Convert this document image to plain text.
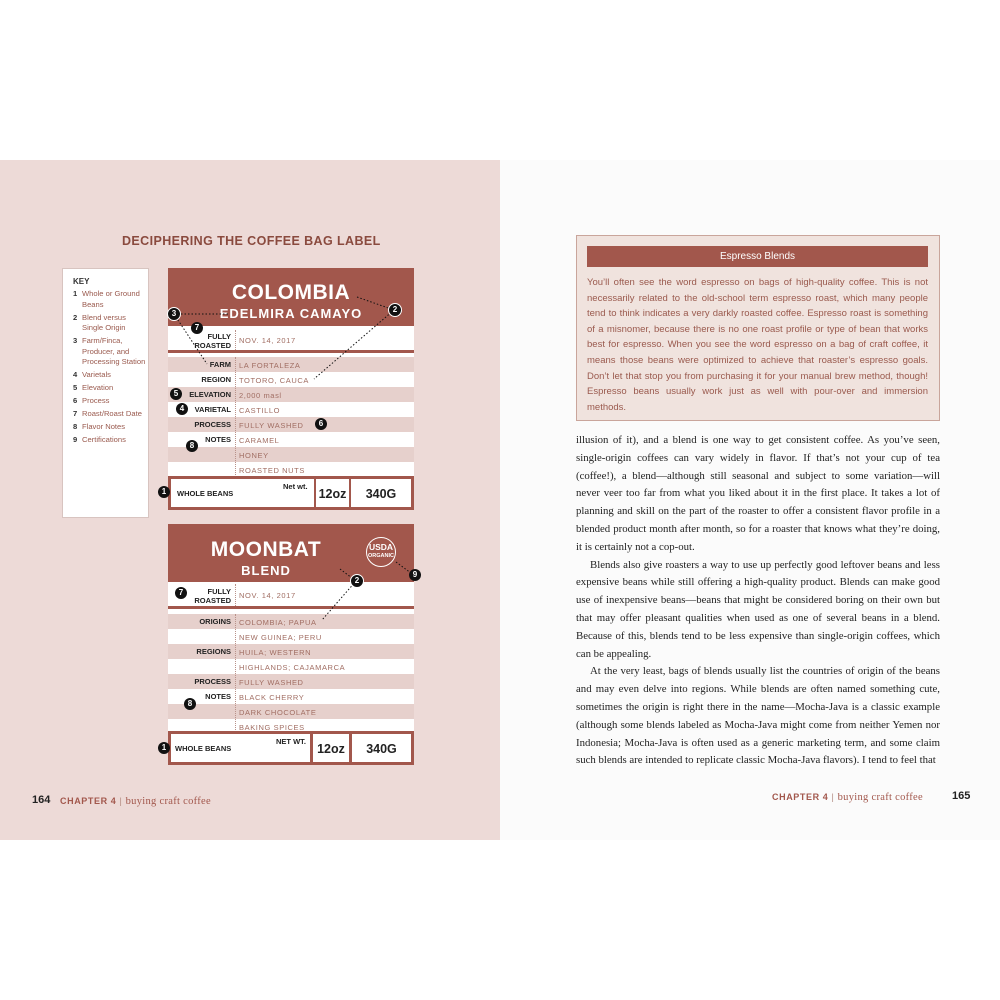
DECIPHERING THE COFFEE BAG LABEL
KEY
1 Whole or Ground Beans
2 Blend versus Single Origin
3 Farm/Finca, Producer, and Processing Station
4 Varietals
5 Elevation
6 Process
7 Roast/Roast Date
8 Flavor Notes
9 Certifications
COLOMBIA
EDELMIRA CAMAYO
FULLY
ROASTED
NOV. 14, 2017
FARM LA FORTALEZA
REGION TOTORO, CAUCA
ELEVATION 2,000 masl
VARIETAL CASTILLO
PROCESS FULLY WASHED
NOTES CARAMEL
HONEY
ROASTED NUTS
WHOLE BEANS
Net wt.
12oz	340G
MOONBAT
BLEND
FULLY
ROASTED
NOV. 14, 2017
ORIGINS COLOMBIA; PAPUA
NEW GUINEA; PERU
REGIONS HUILA; WESTERN
HIGHLANDS; CAJAMARCA
PROCESS FULLY WASHED
NOTES BLACK CHERRY
DARK CHOCOLATE
BAKING SPICES
WHOLE BEANS
NET WT.
12oz	340G
USDA
ORGANIC
3	2
7
5
4
6
8
1
2
9
7
8
1
164 CHAPTER 4 | buying craft coffee
Espresso Blends
You’ll often see the word espresso on bags of high-quality coffee. This is not necessarily related to the old-school term espresso roast, which many people tend to think indicates a very darkly roasted coffee. Espresso roast is something of a misnomer, because there is no one roast profile or type of bean that works best for espresso. When you see the word espresso on a bag of craft coffee, it means those beans were optimized to achieve that roaster’s espresso goals. Don’t let that stop you from purchasing it for your manual brew method, though! Espresso beans usually work just as well with pour-over and immersion methods.

illusion of it), and a blend is one way to get consistent coffee. As you’ve seen, single-origin coffees can vary widely in flavor. If that’s not your cup of tea (coffee!), a blend—although still seasonal and subject to some variation—will never veer too far from what you liked about it in the first place. It takes a lot of planning and skill on the part of the roaster to offer a consistent flavor profile in a blended product month after month, so for a roaster that knows what they’re doing, it is certainly not a cop-out.

Blends also give roasters a way to use up perfectly good leftover beans and less expensive beans while still offering a high-quality product. Blends can make good use of inexpensive beans—beans that might be considered boring on their own but that may offer pleasant qualities when used as one of several beans in a blend. Because of this, blends tend to be less expensive than single-origin coffees, which can be appealing.

At the very least, bags of blends usually list the countries of origin of the beans and may even delve into regions. While blends are often named something cute, sometimes the origin is right there in the name—Mocha-Java is a classic example (although some blends labeled as Mocha-Java might come from neither Yemen nor Indonesia; Mocha-Java is often used as a generic marketing term, and some claim such blends are intended to replicate classic Mocha-Java flavors). I tend to feel that

CHAPTER 4 | buying craft coffee	165
